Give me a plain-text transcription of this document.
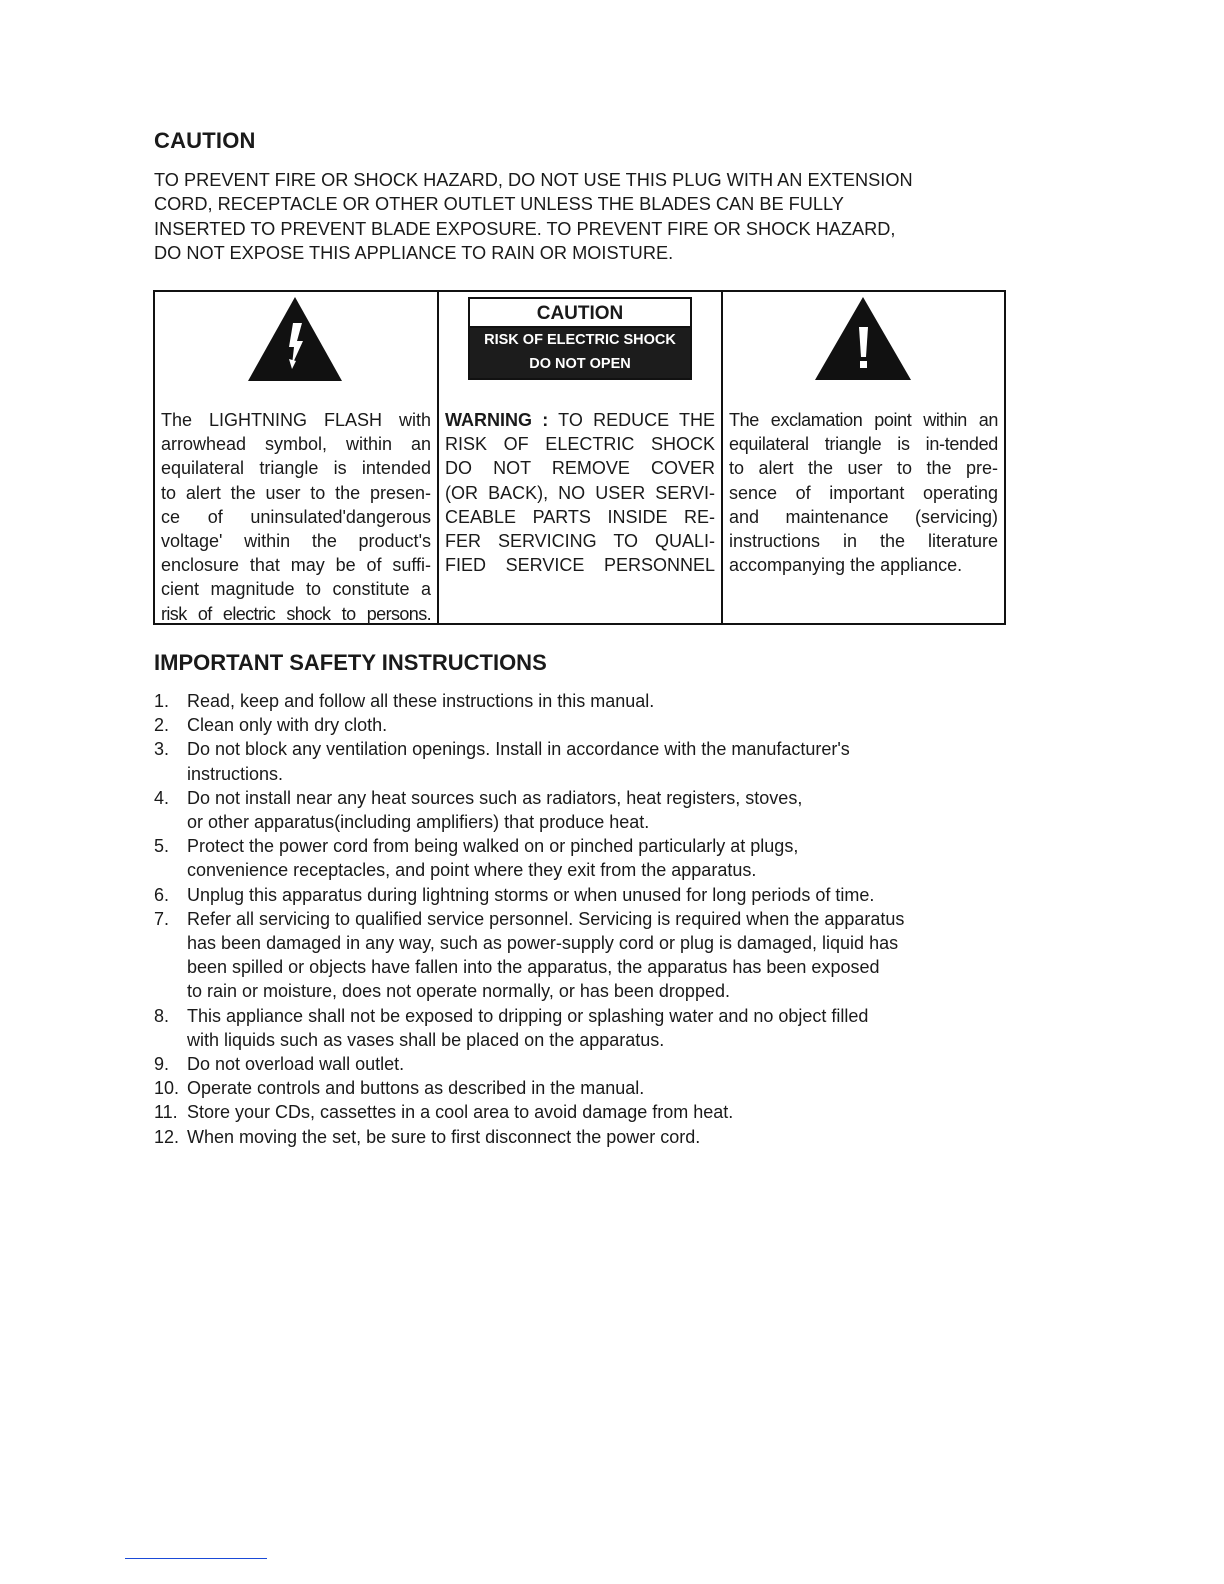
CAUTION

TO PREVENT FIRE OR SHOCK HAZARD, DO NOT USE THIS PLUG WITH AN EXTENSION
CORD, RECEPTACLE OR OTHER OUTLET UNLESS THE BLADES CAN BE FULLY
INSERTED TO PREVENT BLADE EXPOSURE. TO PREVENT FIRE OR SHOCK HAZARD,
DO NOT EXPOSE THIS APPLIANCE TO RAIN OR MOISTURE.

The LIGHTNING FLASH with
arrowhead symbol, within an
equilateral triangle is intended
to alert the user to the presen-
ce of uninsulated'dangerous
voltage' within the product's
enclosure that may be of suffi-
cient magnitude to constitute a
risk of electric shock to persons.
CAUTION
RISK OF ELECTRIC SHOCK
DO NOT OPEN
WARNING : TO REDUCE THE
RISK OF ELECTRIC SHOCK
DO NOT REMOVE COVER
(OR BACK), NO USER SERVI-
CEABLE PARTS INSIDE RE-
FER SERVICING TO QUALI-
FIED SERVICE PERSONNEL
The exclamation point within an
equilateral triangle is in-tended
to alert the user to the pre-
sence of important operating
and maintenance (servicing)
instructions in the literature
accompanying the appliance.
IMPORTANT SAFETY INSTRUCTIONS
1. Read, keep and follow all these instructions in this manual.
2. Clean only with dry cloth.
3. Do not block any ventilation openings. Install in accordance with the manufacturer's
instructions.
4. Do not install near any heat sources such as radiators, heat registers, stoves,
or other apparatus(including amplifiers) that produce heat.
5. Protect the power cord from being walked on or pinched particularly at plugs,
convenience receptacles, and point where they exit from the apparatus.
6. Unplug this apparatus during lightning storms or when unused for long periods of time.
7. Refer all servicing to qualified service personnel. Servicing is required when the apparatus
has been damaged in any way, such as power-supply cord or plug is damaged, liquid has
been spilled or objects have fallen into the apparatus, the apparatus has been exposed
to rain or moisture, does not operate normally, or has been dropped.
8. This appliance shall not be exposed to dripping or splashing water and no object filled
with liquids such as vases shall be placed on the apparatus.
9. Do not overload wall outlet.
10. Operate controls and buttons as described in the manual.
11. Store your CDs, cassettes in a cool area to avoid damage from heat.
12. When moving the set, be sure to first disconnect the power cord.
